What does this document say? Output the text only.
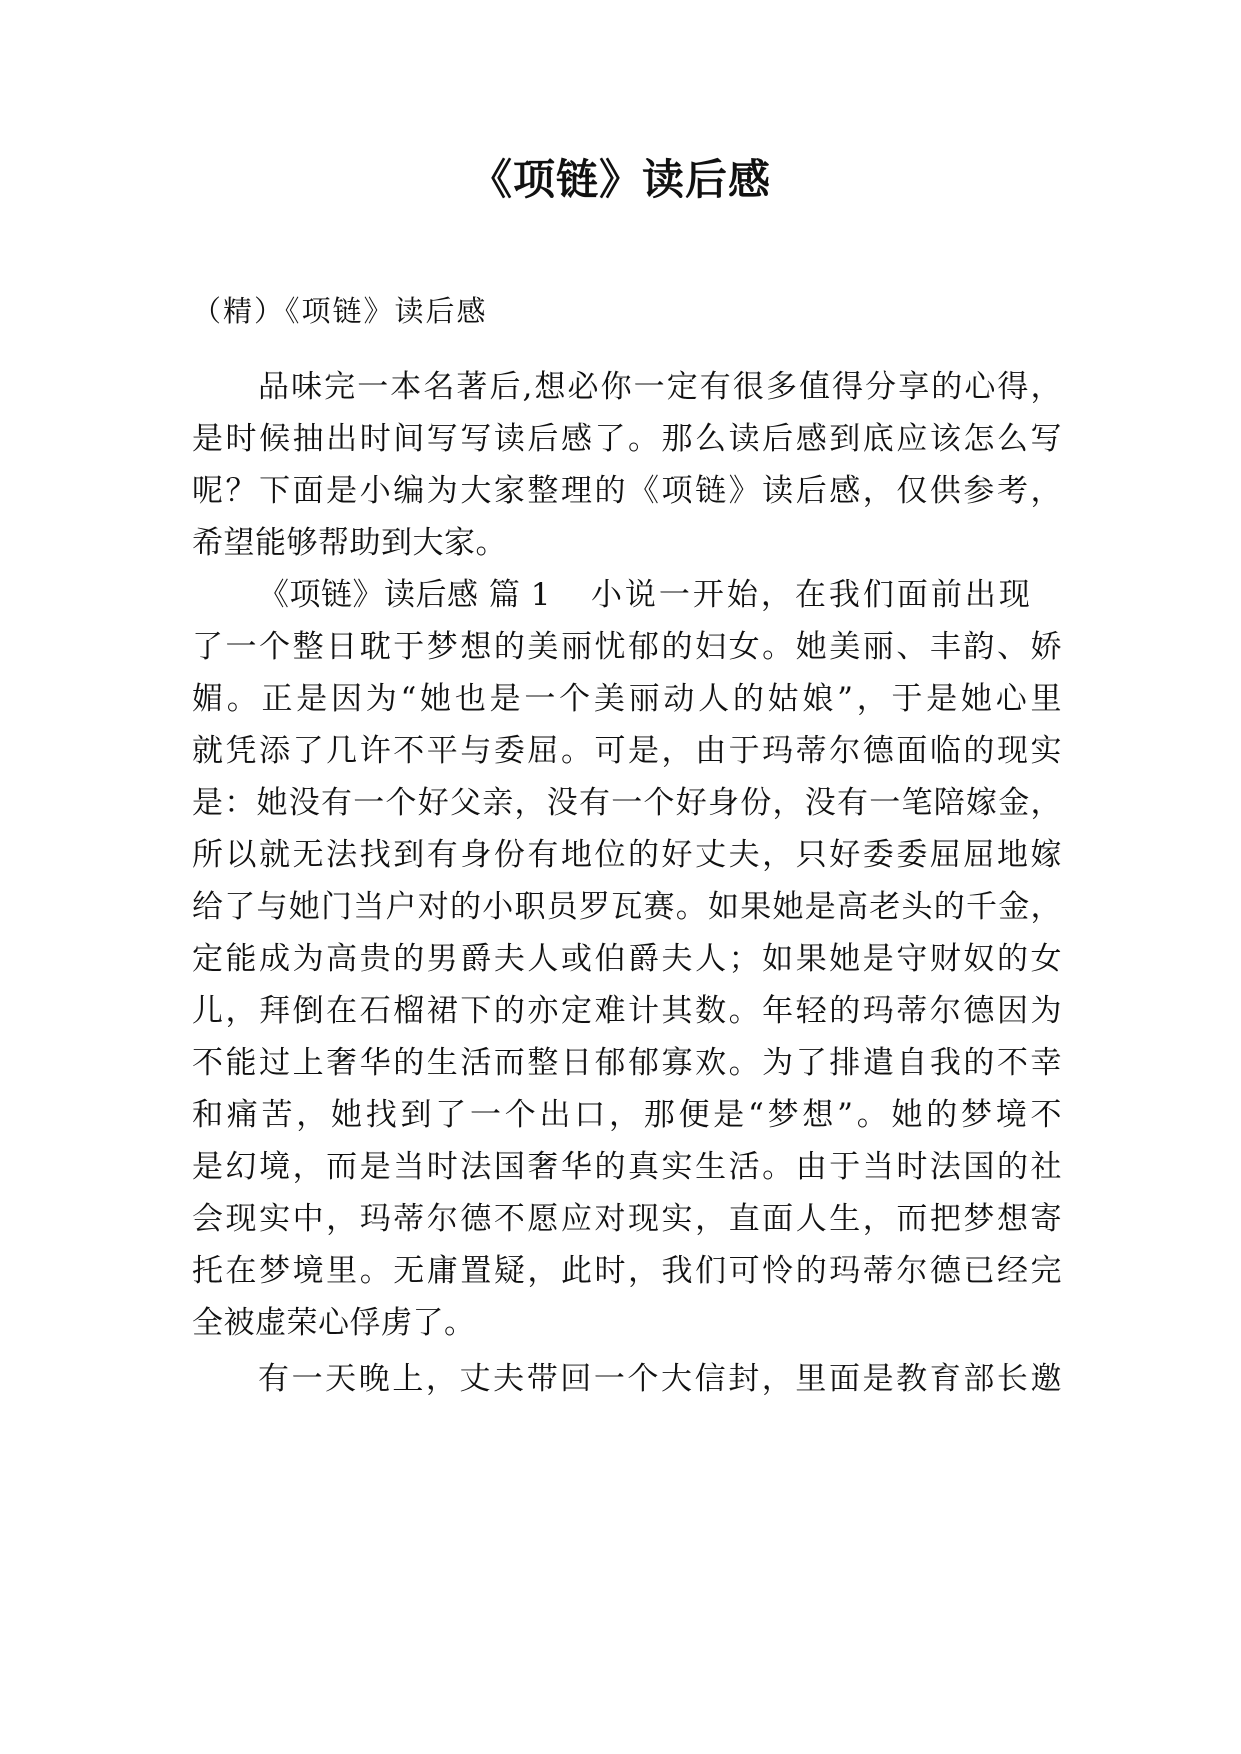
《项链》读后感
（精）《项链》读后感
品味完一本名著后,想必你一定有很多值得分享的心得，
是时候抽出时间写写读后感了。那么读后感到底应该怎么写
呢？下面是小编为大家整理的《项链》读后感，仅供参考，
希望能够帮助到大家。
《项链》读后感 篇 1 小说一开始，在我们面前出现
了一个整日耽于梦想的美丽忧郁的妇女。她美丽、丰韵、娇
媚。正是因为“她也是一个美丽动人的姑娘”，于是她心里
就凭添了几许不平与委屈。可是，由于玛蒂尔德面临的现实
是：她没有一个好父亲，没有一个好身份，没有一笔陪嫁金，
所以就无法找到有身份有地位的好丈夫，只好委委屈屈地嫁
给了与她门当户对的小职员罗瓦赛。如果她是高老头的千金，
定能成为高贵的男爵夫人或伯爵夫人；如果她是守财奴的女
儿，拜倒在石榴裙下的亦定难计其数。年轻的玛蒂尔德因为
不能过上奢华的生活而整日郁郁寡欢。为了排遣自我的不幸
和痛苦，她找到了一个出口，那便是“梦想”。她的梦境不
是幻境，而是当时法国奢华的真实生活。由于当时法国的社
会现实中，玛蒂尔德不愿应对现实，直面人生，而把梦想寄
托在梦境里。无庸置疑，此时，我们可怜的玛蒂尔德已经完
全被虚荣心俘虏了。
有一天晚上，丈夫带回一个大信封，里面是教育部长邀
